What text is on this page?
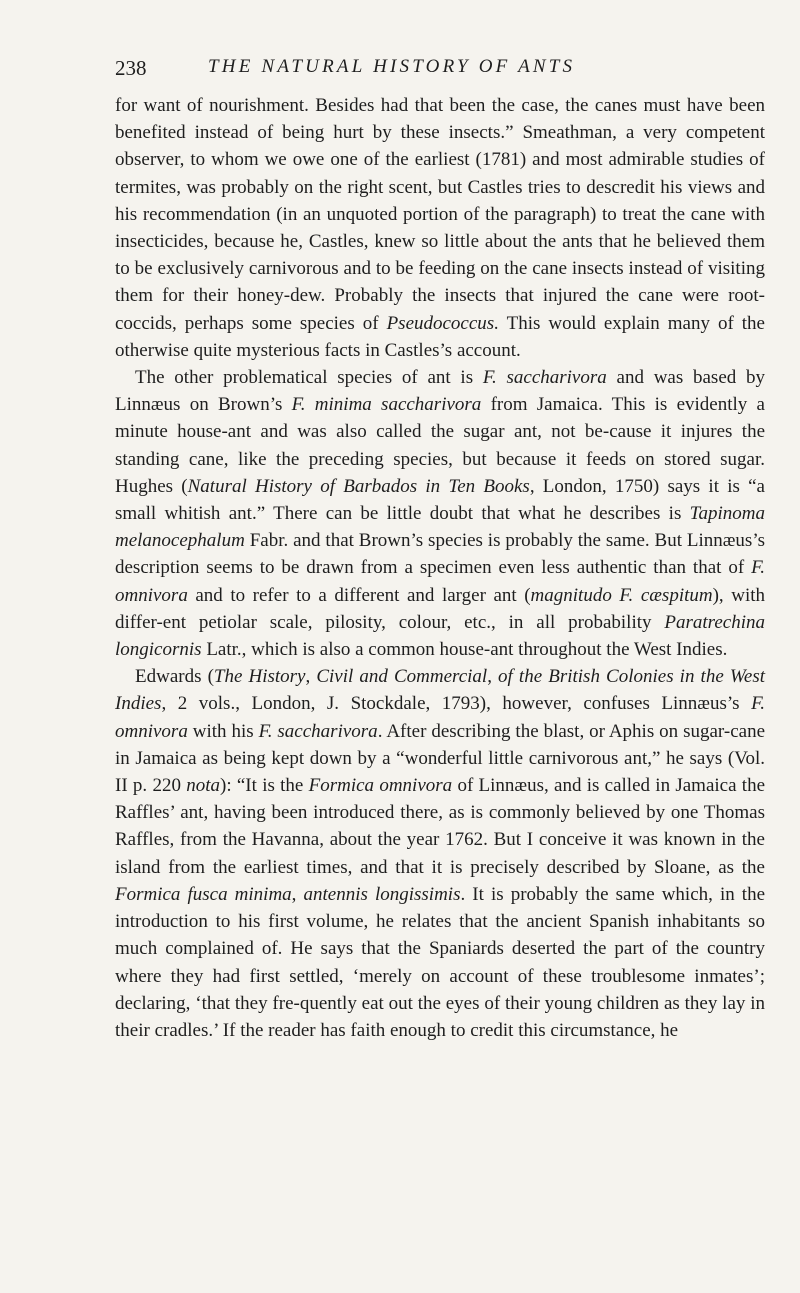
238	THE NATURAL HISTORY OF ANTS

for want of nourishment. Besides had that been the case, the canes must have been benefited instead of being hurt by these insects.” Smeathman, a very competent observer, to whom we owe one of the earliest (1781) and most admirable studies of termites, was probably on the right scent, but Castles tries to descredit his views and his recommendation (in an unquoted portion of the paragraph) to treat the cane with insecticides, because he, Castles, knew so little about the ants that he believed them to be exclusively carnivorous and to be feeding on the cane insects instead of visiting them for their honey-dew. Probably the insects that injured the cane were root-coccids, perhaps some species of Pseudococcus. This would explain many of the otherwise quite mysterious facts in Castles’s account.

The other problematical species of ant is F. saccharivora and was based by Linnæus on Brown’s F. minima saccharivora from Jamaica. This is evidently a minute house-ant and was also called the sugar ant, not be-cause it injures the standing cane, like the preceding species, but because it feeds on stored sugar. Hughes (Natural History of Barbados in Ten Books, London, 1750) says it is “a small whitish ant.” There can be little doubt that what he describes is Tapinoma melanocephalum Fabr. and that Brown’s species is probably the same. But Linnæus’s description seems to be drawn from a specimen even less authentic than that of F. omnivora and to refer to a different and larger ant (magnitudo F. cæspitum), with differ-ent petiolar scale, pilosity, colour, etc., in all probability Paratrechina longicornis Latr., which is also a common house-ant throughout the West Indies.

Edwards (The History, Civil and Commercial, of the British Colonies in the West Indies, 2 vols., London, J. Stockdale, 1793), however, confuses Linnæus’s F. omnivora with his F. saccharivora. After describing the blast, or Aphis on sugar-cane in Jamaica as being kept down by a “wonderful little carnivorous ant,” he says (Vol. II p. 220 nota): “It is the Formica omnivora of Linnæus, and is called in Jamaica the Raffles’ ant, having been introduced there, as is commonly believed by one Thomas Raffles, from the Havanna, about the year 1762. But I conceive it was known in the island from the earliest times, and that it is precisely described by Sloane, as the Formica fusca minima, antennis longissimis. It is probably the same which, in the introduction to his first volume, he relates that the ancient Spanish inhabitants so much complained of. He says that the Spaniards deserted the part of the country where they had first settled, ‘merely on account of these troublesome inmates’; declaring, ‘that they fre-quently eat out the eyes of their young children as they lay in their cradles.’ If the reader has faith enough to credit this circumstance, he
